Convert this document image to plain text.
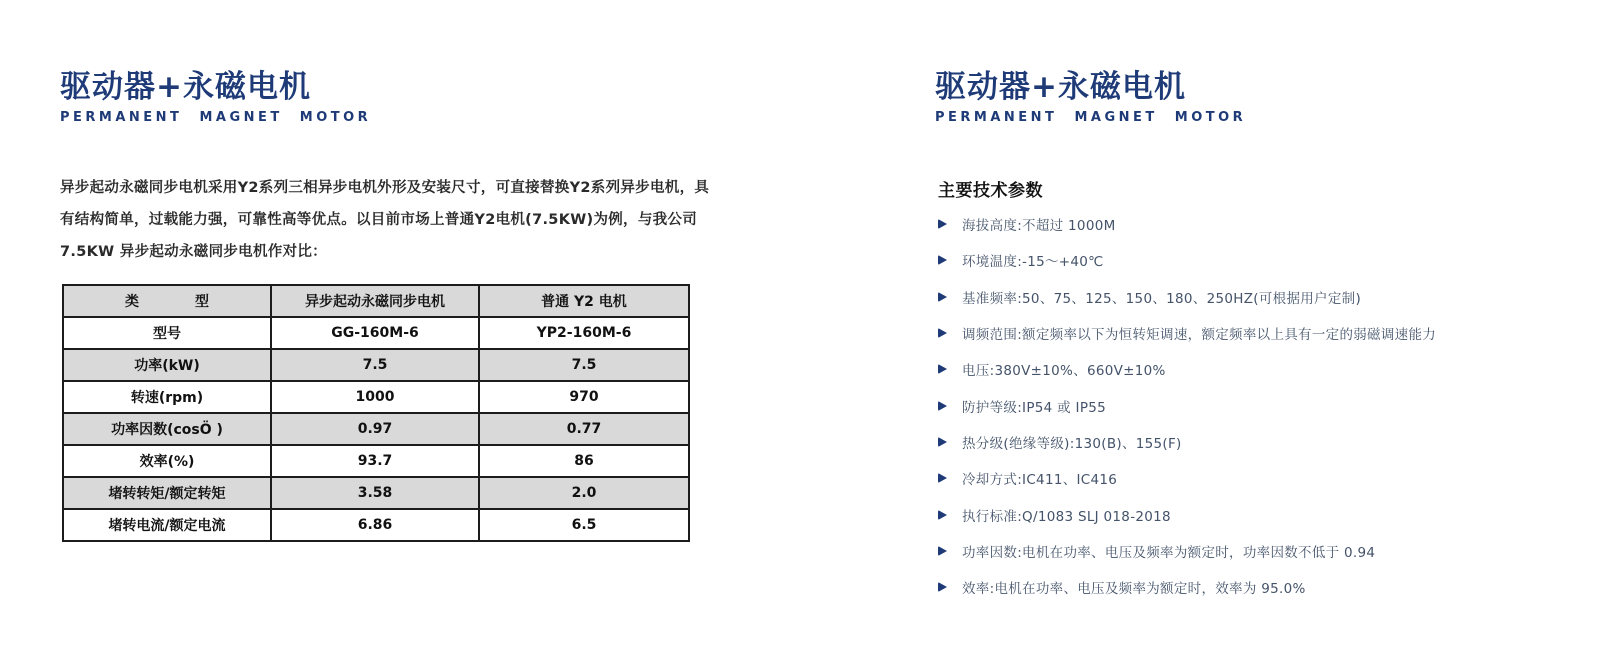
驱动器+永磁电机
PERMANENT MAGNET MOTOR
异步起动永磁同步电机采用Y2系列三相异步电机外形及安装尺寸，可直接替换Y2系列异步电机，具
有结构简单，过载能力强，可靠性高等优点。以目前市场上普通Y2电机(7.5KW)为例，与我公司
7.5KW 异步起动永磁同步电机作对比：
类　　　　型	异步起动永磁同步电机	普通 Y2 电机
型号	GG-160M-6	YP2-160M-6
功率(kW)	7.5	7.5
转速(rpm)	1000	970
功率因数(cosÖ )	0.97	0.77
效率(%)	93.7	86
堵转转矩/额定转矩	3.58	2.0
堵转电流/额定电流	6.86	6.5
驱动器+永磁电机
PERMANENT MAGNET MOTOR
主要技术参数
海拔高度:不超过 1000M
环境温度:-15～+40℃
基准频率:50、75、125、150、180、250HZ(可根据用户定制)
调频范围:额定频率以下为恒转矩调速，额定频率以上具有一定的弱磁调速能力
电压:380V±10%、660V±10%
防护等级:IP54 或 IP55
热分级(绝缘等级):130(B)、155(F)
冷却方式:IC411、IC416
执行标准:Q/1083 SLJ 018-2018
功率因数:电机在功率、电压及频率为额定时，功率因数不低于 0.94
效率:电机在功率、电压及频率为额定时，效率为 95.0%
